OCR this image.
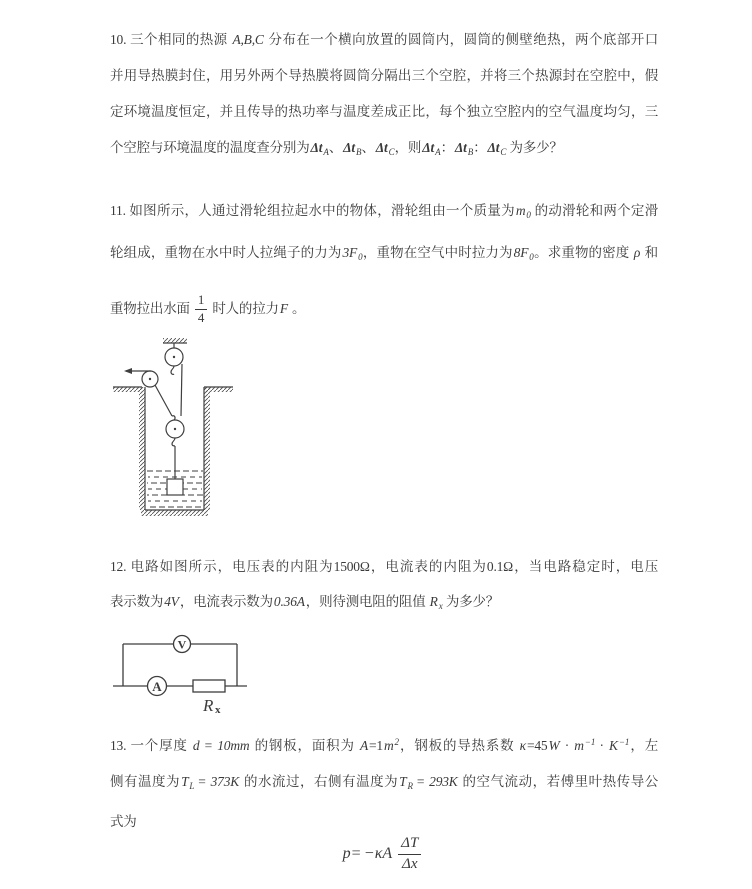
10. 三个相同的热源 A,B,C 分布在一个横向放置的圆筒内，圆筒的侧壁绝热，两个底部开口
并用导热膜封住，用另外两个导热膜将圆筒分隔出三个空腔，并将三个热源封在空腔中，假
定环境温度恒定，并且传导的热功率与温度差成正比，每个独立空腔内的空气温度均匀，三
个空腔与环境温度的温度查分别为$\Delta t_A$、$\Delta t_B$、$\Delta t_C$，则$\Delta t_A$：$\Delta t_B$：$\Delta t_C$ 为多少？
11. 如图所示，人通过滑轮组拉起水中的物体，滑轮组由一个质量为$m_0$ 的动滑轮和两个定滑
轮组成，重物在水中时人拉绳子的力为$3F_0$，重物在空气中时拉力为$8F_0$。求重物的密度 ρ 和
重物拉出水面 $\frac{1}{4}$ 时人的拉力F 。
12. 电路如图所示，电压表的内阻为1500Ω，电流表的内阻为0.1Ω，当电路稳定时，电压
表示数为4V，电流表示数为0.36A，则待测电阻的阻值 $R_x$ 为多少？
V
A
R x
13. 一个厚度 d = 10mm 的钢板，面积为 $A=1m^2$，钢板的导热系数 $\kappa=45W \cdot m^{-1} \cdot K^{-1}$，左
侧有温度为$T_L = 373K$ 的水流过，右侧有温度为$T_R = 293K$ 的空气流动，若傅里叶热传导公
式为
p = − κA $\frac{\Delta T}{\Delta x}$
